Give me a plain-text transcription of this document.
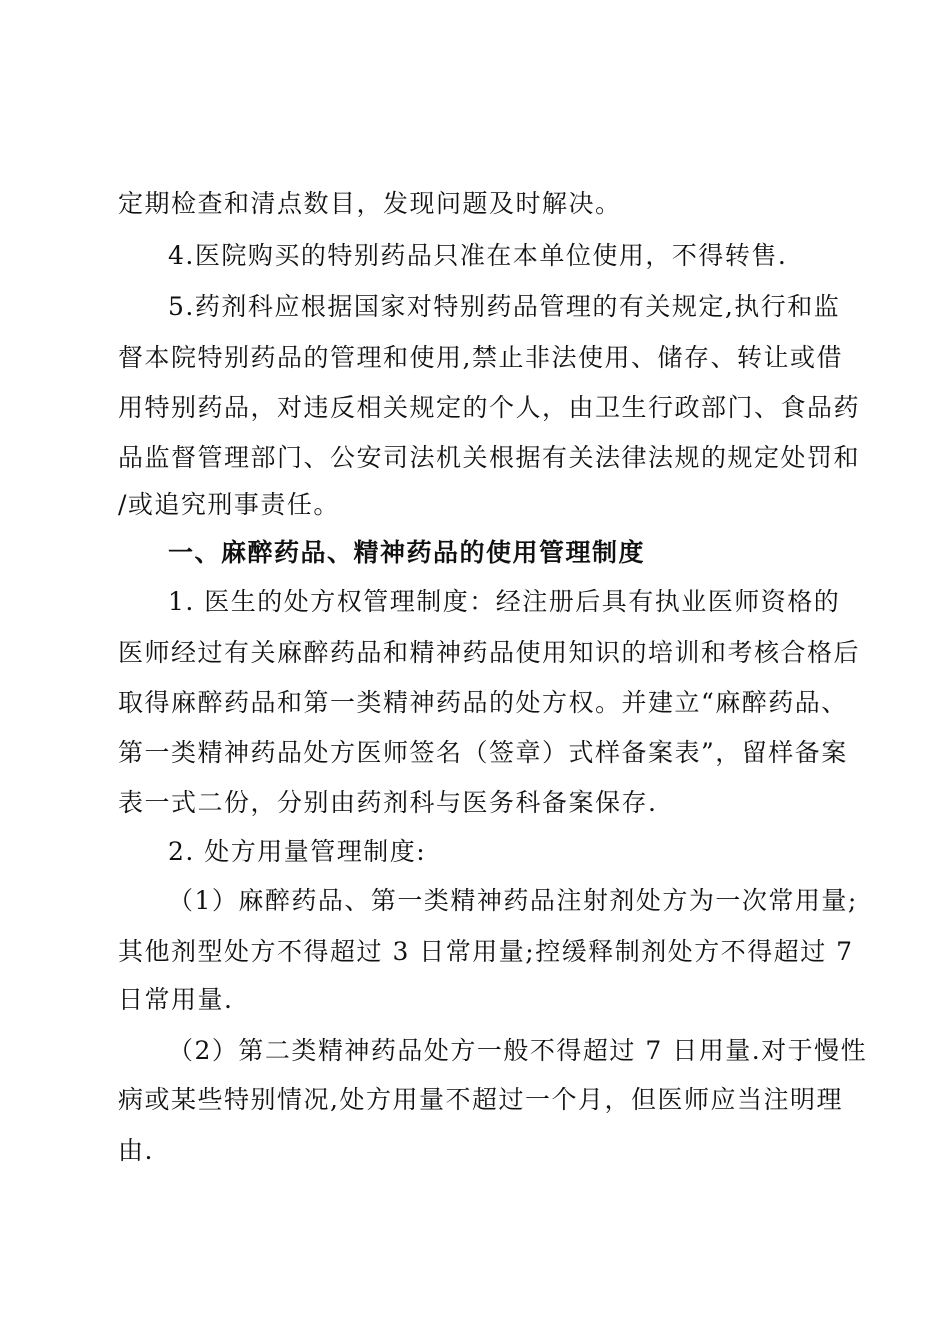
定期检查和清点数目，发现问题及时解决。
4.医院购买的特别药品只准在本单位使用，不得转售.
5.药剂科应根据国家对特别药品管理的有关规定,执行和监
督本院特别药品的管理和使用,禁止非法使用、储存、转让或借
用特别药品，对违反相关规定的个人，由卫生行政部门、食品药
品监督管理部门、公安司法机关根据有关法律法规的规定处罚和
/或追究刑事责任。
一、麻醉药品、精神药品的使用管理制度
1. 医生的处方权管理制度：经注册后具有执业医师资格的
医师经过有关麻醉药品和精神药品使用知识的培训和考核合格后
取得麻醉药品和第一类精神药品的处方权。并建立“麻醉药品、
第一类精神药品处方医师签名（签章）式样备案表”，留样备案
表一式二份，分别由药剂科与医务科备案保存.
2. 处方用量管理制度:
（1）麻醉药品、第一类精神药品注射剂处方为一次常用量;
其他剂型处方不得超过 3 日常用量;控缓释制剂处方不得超过 7
日常用量.
（2）第二类精神药品处方一般不得超过 7 日用量.对于慢性
病或某些特别情况,处方用量不超过一个月，但医师应当注明理
由.
